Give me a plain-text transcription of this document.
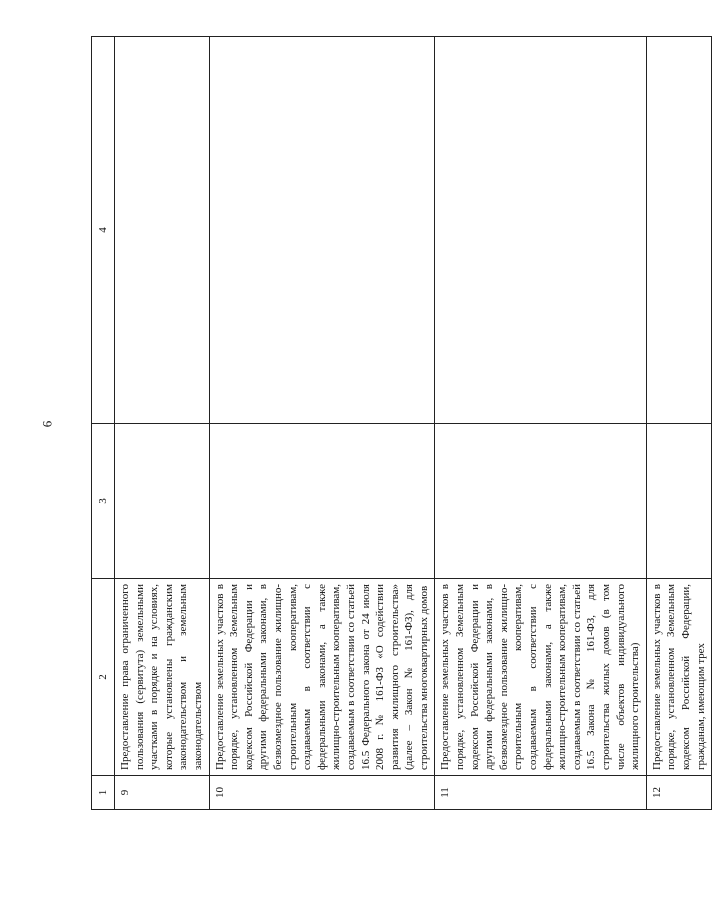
6
1	2	3	4
9	Предоставление права ограниченного пользования (сервитута) земельными участками в порядке и на условиях, которые установлены гражданским законодательством и земельным законодательством		
10	Предоставление земельных участков в порядке, установленном Земельным кодексом Российской Федерации и другими федеральными законами, в безвозмездное пользование жилищно-строительным кооперативам, создаваемым в соответствии с федеральными законами, а также жилищно-строительным кооперативам, создаваемым в соответствии со статьей 16.5 Федерального закона от 24 июля 2008 г. № 161-ФЗ «О содействии развития жилищного строительства» (далее – Закон № 161-ФЗ), для строительства многоквартирных домов		
11	Предоставление земельных участков в порядке, установленном Земельным кодексом Российской Федерации и другими федеральными законами, в безвозмездное пользование жилищно-строительным кооперативам, создаваемым в соответствии с федеральными законами, а также жилищно-строительным кооперативам, создаваемым в соответствии со статьей 16.5 Закона № 161-ФЗ, для строительства жилых домов (в том числе объектов индивидуального жилищного строительства)		
12	Предоставление земельных участков в порядке, установленном Земельным кодексом Российской Федерации, гражданам, имеющим трех		
